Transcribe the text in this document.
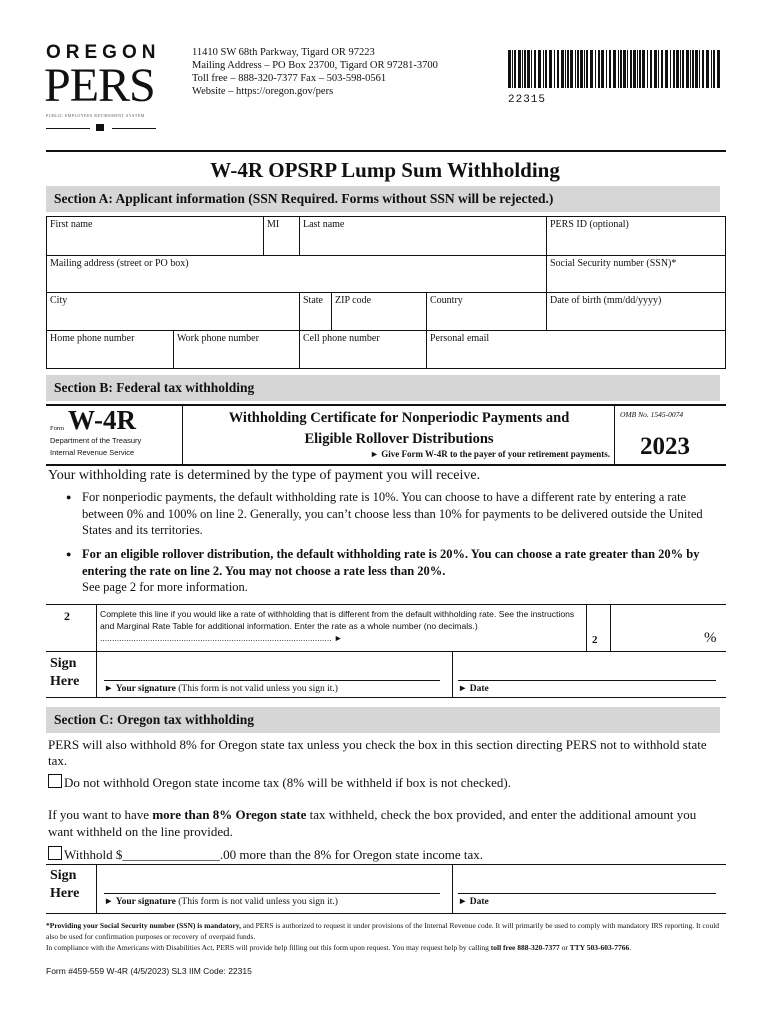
OREGON
PERS
PUBLIC EMPLOYEES RETIREMENT SYSTEM
11410 SW 68th Parkway, Tigard OR 97223
Mailing Address – PO Box 23700, Tigard OR 97281-3700
Toll free – 888-320-7377 Fax – 503-598-0561
Website – https://oregon.gov/pers
22315
W-4R OPSRP Lump Sum Withholding
Section A: Applicant information (SSN Required. Forms without SSN will be rejected.)
First name	MI	Last name	PERS ID (optional)
Mailing address (street or PO box)	Social Security number (SSN)*
City	State	ZIP code	Country	Date of birth (mm/dd/yyyy)
Home phone number	Work phone number	Cell phone number	Personal email
Section B: Federal tax withholding
Form W-4R
Department of the Treasury
Internal Revenue Service
Withholding Certificate for Nonperiodic Payments and
Eligible Rollover Distributions
► Give Form W-4R to the payer of your retirement payments.
OMB No. 1545-0074
2023
Your withholding rate is determined by the type of payment you will receive.
● For nonperiodic payments, the default withholding rate is 10%. You can choose to have a different rate by entering a rate between 0% and 100% on line 2. Generally, you can’t choose less than 10% for payments to be delivered outside the United States and its territories.
● For an eligible rollover distribution, the default withholding rate is 20%. You can choose a rate greater than 20% by entering the rate on line 2. You may not choose a rate less than 20%.
See page 2 for more information.
2	Complete this line if you would like a rate of withholding that is different from the default withholding rate. See the instructions and Marginal Rate Table for additional information. Enter the rate as a whole number (no decimals.) ................................................................................................. ►	2	%
Sign Here	► Your signature (This form is not valid unless you sign it.)	► Date
Section C: Oregon tax withholding
PERS will also withhold 8% for Oregon state tax unless you check the box in this section directing PERS not to withhold state tax.
Do not withhold Oregon state income tax (8% will be withheld if box is not checked).
If you want to have more than 8% Oregon state tax withheld, check the box provided, and enter the additional amount you want withheld on the line provided.
Withhold $_______________.00 more than the 8% for Oregon state income tax.
Sign Here
► Your signature (This form is not valid unless you sign it.)	► Date
*Providing your Social Security number (SSN) is mandatory, and PERS is authorized to request it under provisions of the Internal Revenue code. It will primarily be used to comply with mandatory IRS reporting. It could also be used for confirmation purposes or recovery of overpaid funds.
In compliance with the Americans with Disabilities Act, PERS will provide help filling out this form upon request. You may request help by calling toll free 888-320-7377 or TTY 503-603-7766.
Form #459-559 W-4R (4/5/2023) SL3 IIM Code: 22315
